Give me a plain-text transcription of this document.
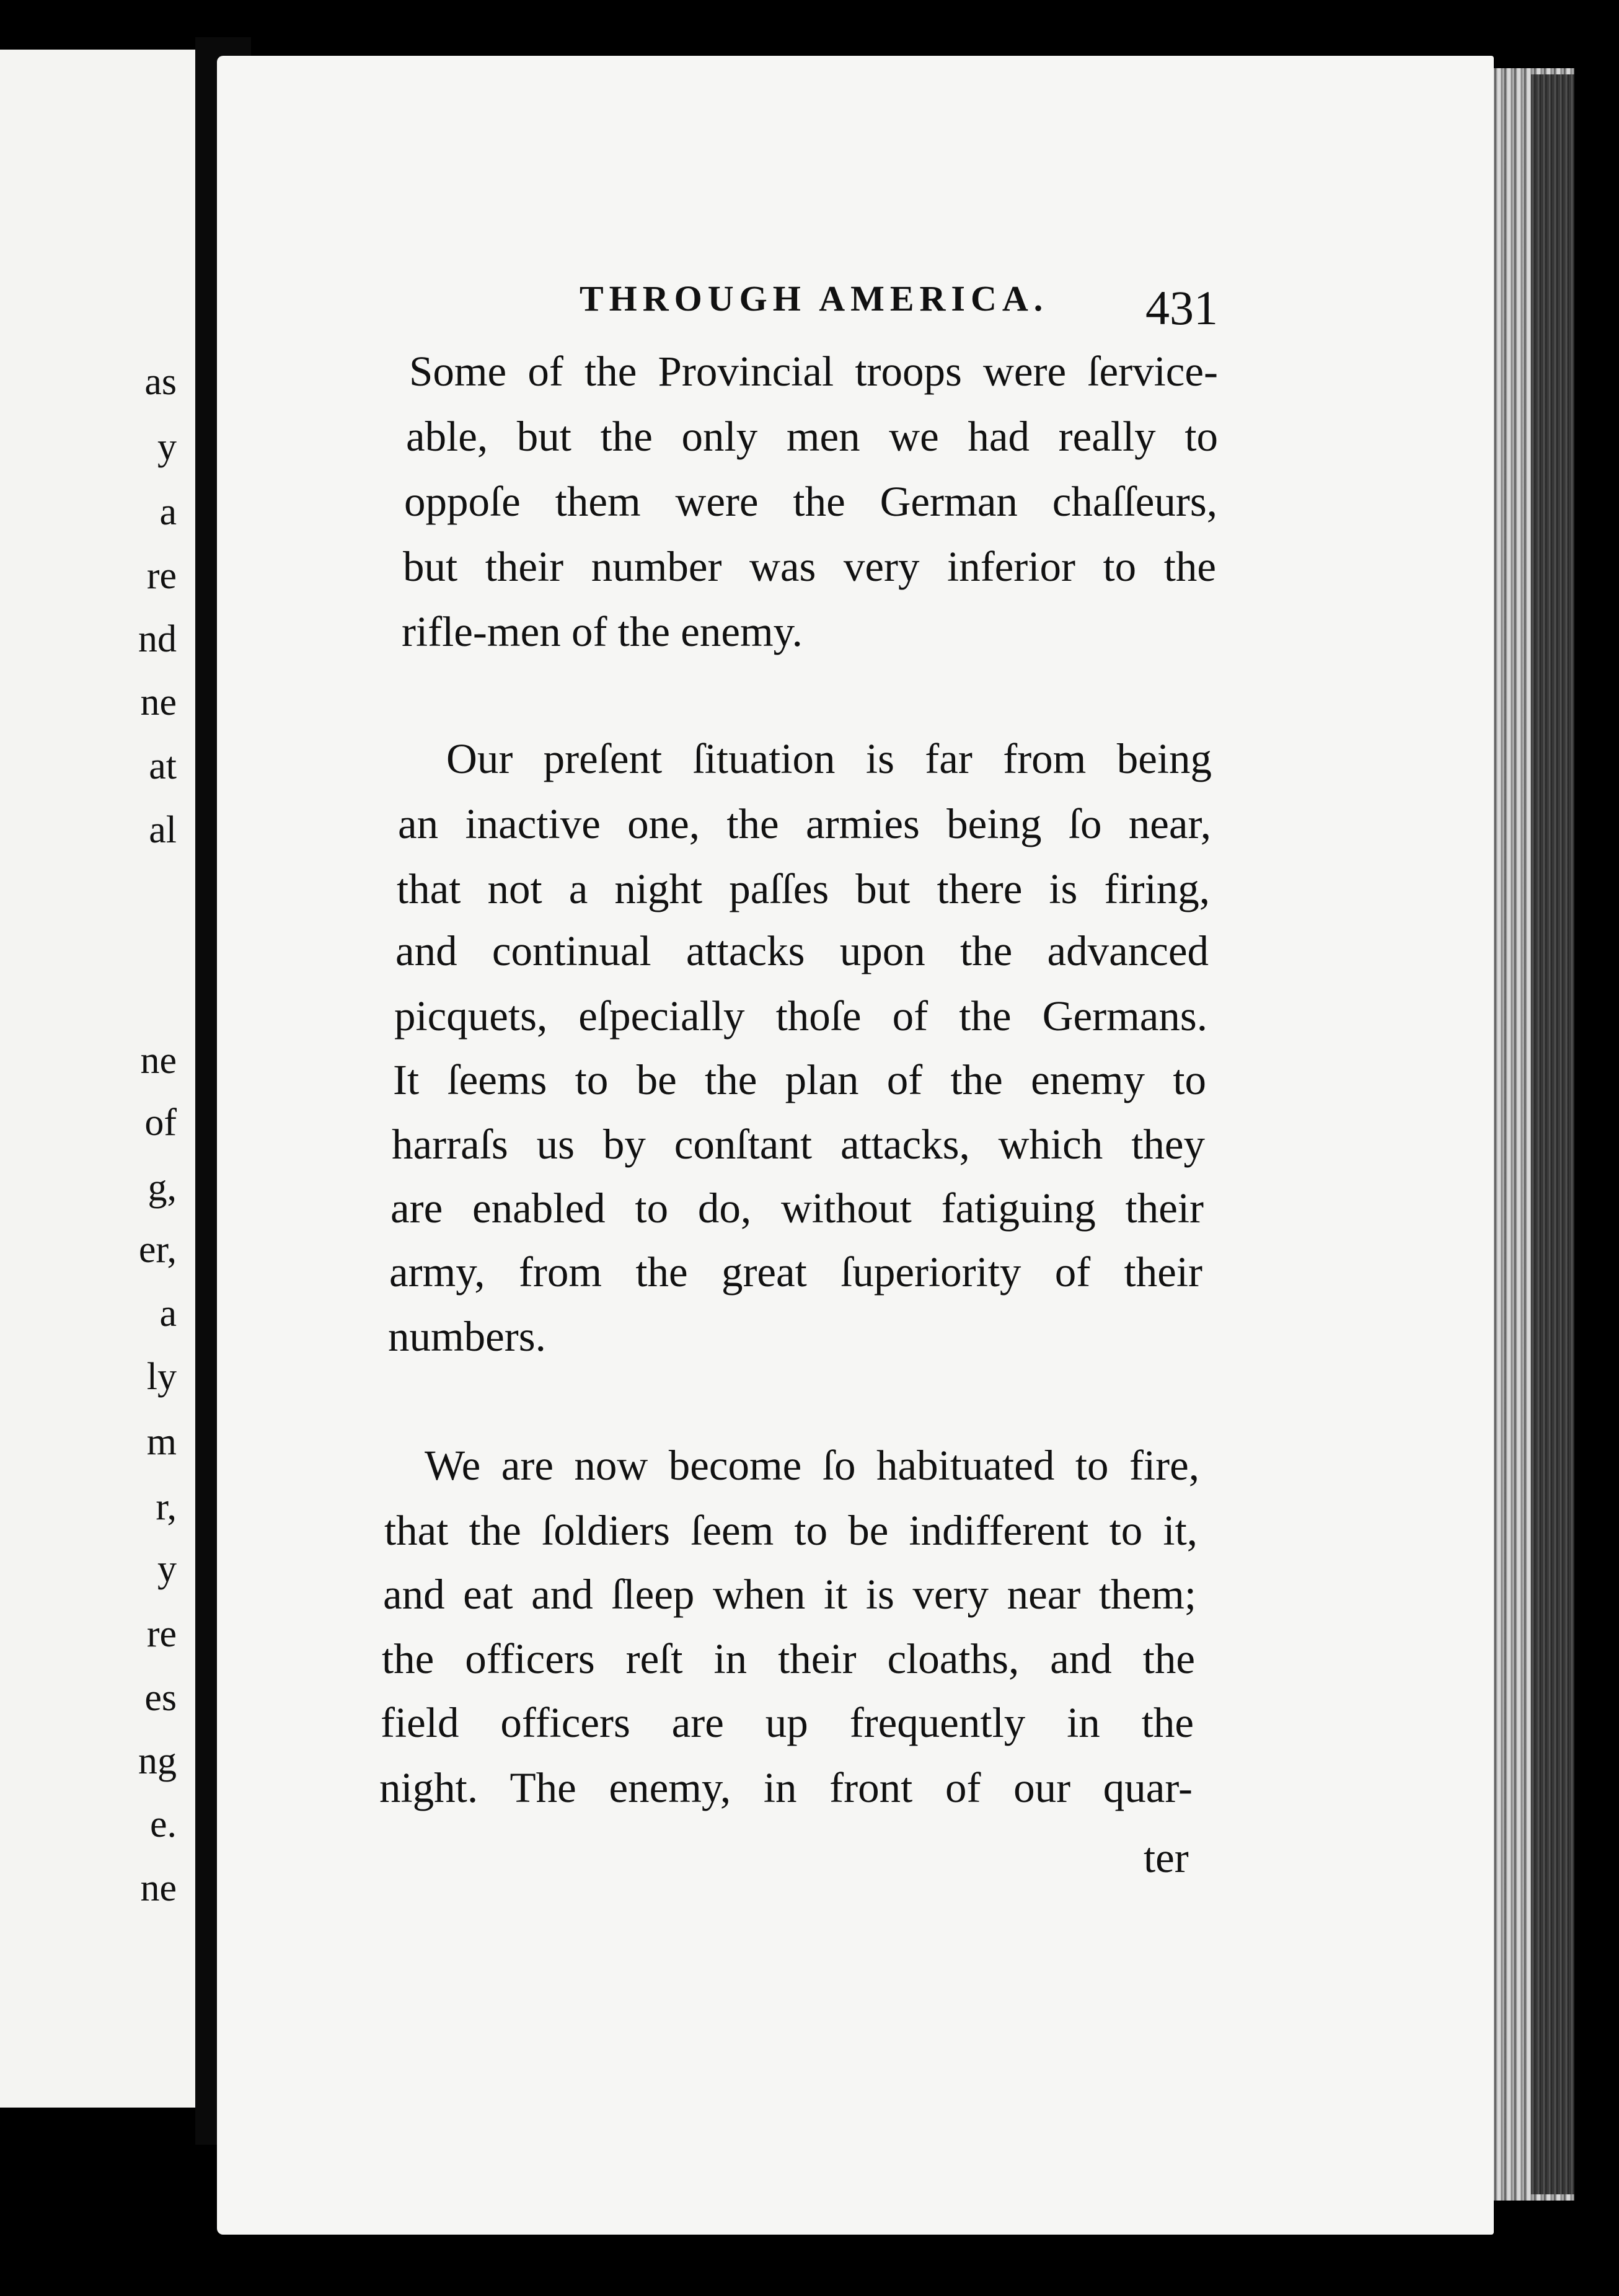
as
y
a
re
nd
ne
at
al
ne
of
g,
er,
a
ly
m
r,
y
re
es
ng
e.
ne
THROUGH AMERICA. 431
Some of the Provincial troops were ſervice-
able, but the only men we had really to
oppoſe them were the German chaſſeurs,
but their number was very inferior to the
rifle-men of the enemy.
Our preſent ſituation is far from being
an inactive one, the armies being ſo near,
that not a night paſſes but there is firing,
and continual attacks upon the advanced
picquets, eſpecially thoſe of the Germans.
It ſeems to be the plan of the enemy to
harraſs us by conſtant attacks, which they
are enabled to do, without fatiguing their
army, from the great ſuperiority of their
numbers.
We are now become ſo habituated to fire,
that the ſoldiers ſeem to be indifferent to it,
and eat and ſleep when it is very near them;
the officers reſt in their cloaths, and the
field officers are up frequently in the
night. The enemy, in front of our quar-
ter
